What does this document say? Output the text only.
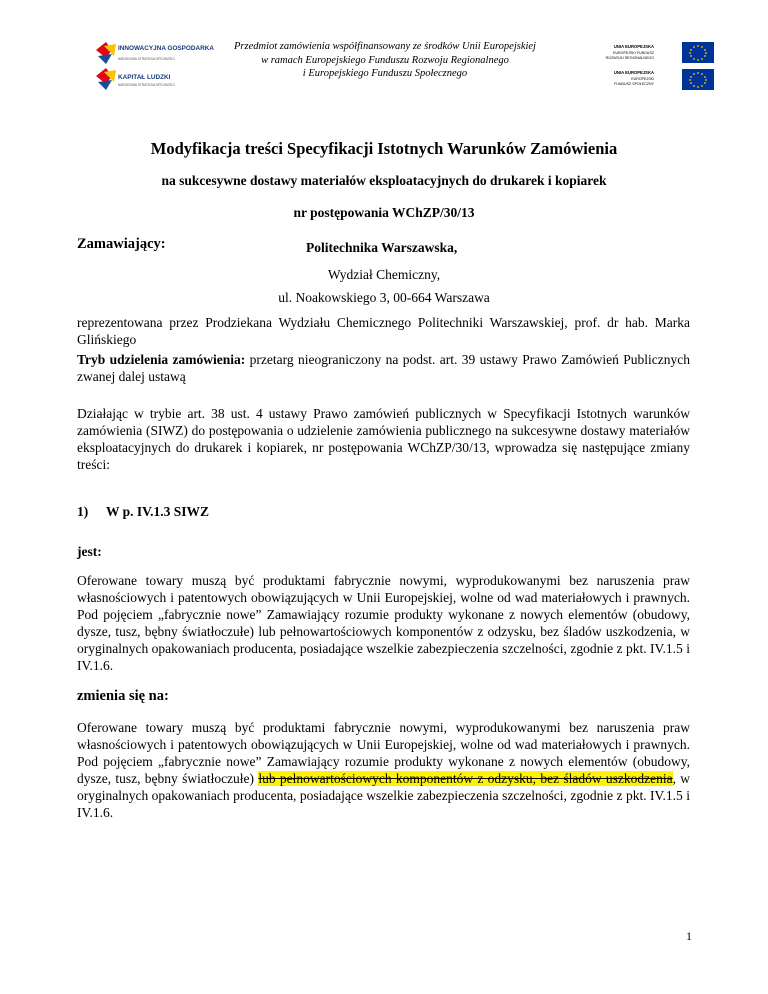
INNOWACYJNA GOSPODARKA
NARODOWA STRATEGIA SPÓJNOŚCI
KAPITAŁ LUDZKI
NARODOWA STRATEGIA SPÓJNOŚCI
Przedmiot zamówienia współfinansowany ze środków Unii Europejskiej
w ramach Europejskiego Funduszu Rozwoju Regionalnego
i Europejskiego Funduszu Społecznego
UNIA EUROPEJSKA
EUROPEJSKI FUNDUSZ
ROZWOJU REGIONALNEGO
UNIA EUROPEJSKA
EUROPEJSKI
FUNDUSZ SPOŁECZNY
Modyfikacja treści Specyfikacji Istotnych Warunków Zamówienia
na sukcesywne dostawy materiałów eksploatacyjnych do drukarek i kopiarek
nr postępowania WChZP/30/13
Zamawiający:	Politechnika Warszawska,
Wydział Chemiczny,
ul. Noakowskiego 3, 00-664 Warszawa

reprezentowana przez Prodziekana Wydziału Chemicznego Politechniki Warszawskiej, prof. dr hab. Marka Glińskiego

Tryb udzielenia zamówienia: przetarg nieograniczony na podst. art. 39 ustawy Prawo Zamówień Publicznych zwanej dalej ustawą

Działając w trybie art. 38 ust. 4 ustawy Prawo zamówień publicznych w Specyfikacji Istotnych warunków zamówienia (SIWZ) do postępowania o udzielenie zamówienia publicznego na sukcesywne dostawy materiałów eksploatacyjnych do drukarek i kopiarek, nr postępowania WChZP/30/13, wprowadza się następujące zmiany treści:

1) W p. IV.1.3 SIWZ
jest:

Oferowane towary muszą być produktami fabrycznie nowymi, wyprodukowanymi bez naruszenia praw własnościowych i patentowych obowiązujących w Unii Europejskiej, wolne od wad materiałowych i prawnych. Pod pojęciem „fabrycznie nowe” Zamawiający rozumie produkty wykonane z nowych elementów (obudowy, dysze, tusz, bębny światłoczułe) lub pełnowartościowych komponentów z odzysku, bez śladów uszkodzenia, w oryginalnych opakowaniach producenta, posiadające wszelkie zabezpieczenia szczelności, zgodnie z pkt. IV.1.5 i IV.1.6.

zmienia się na:

Oferowane towary muszą być produktami fabrycznie nowymi, wyprodukowanymi bez naruszenia praw własnościowych i patentowych obowiązujących w Unii Europejskiej, wolne od wad materiałowych i prawnych. Pod pojęciem „fabrycznie nowe” Zamawiający rozumie produkty wykonane z nowych elementów (obudowy, dysze, tusz, bębny światłoczułe) lub pełnowartościowych komponentów z odzysku, bez śladów uszkodzenia, w oryginalnych opakowaniach producenta, posiadające wszelkie zabezpieczenia szczelności, zgodnie z pkt. IV.1.5 i IV.1.6.

1
